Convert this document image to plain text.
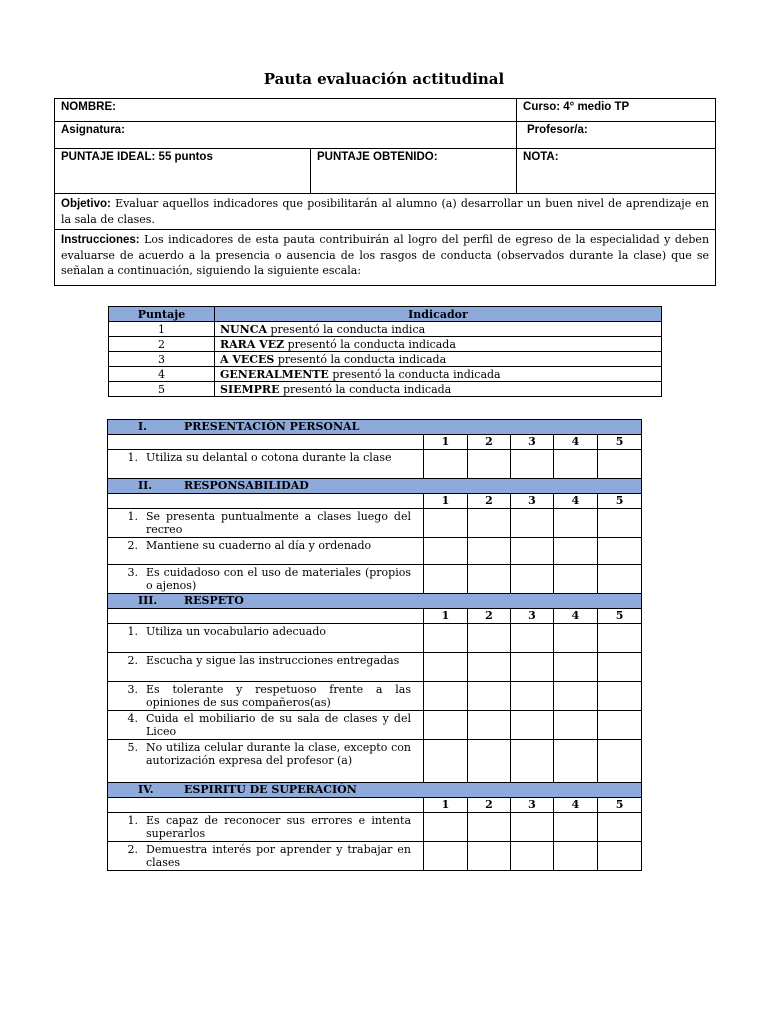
Pauta evaluación actitudinal
NOMBRE:		Curso: 4° medio TP
Asignatura:		Profesor/a:
PUNTAJE IDEAL: 55 puntos	PUNTAJE OBTENIDO:	NOTA:
Objetivo: Evaluar aquellos indicadores que posibilitarán al alumno (a) desarrollar un buen nivel de aprendizaje en la sala de clases.		
Instrucciones: Los indicadores de esta pauta contribuirán al logro del perfil de egreso de la especialidad y deben evaluarse de acuerdo a la presencia o ausencia de los rasgos de conducta (observados durante la clase) que se señalan a continuación, siguiendo la siguiente escala:		
Puntaje	Indicador
1	NUNCA presentó la conducta indica
2	RARA VEZ presentó la conducta indicada
3	A VECES presentó la conducta indicada
4	GENERALMENTE presentó la conducta indicada
5	SIEMPRE presentó la conducta indicada
I. PRESENTACIÓN PERSONAL					
	1	2	3	4	5
1. Utiliza su delantal o cotona durante la clase					
II. RESPONSABILIDAD					
	1	2	3	4	5
1. Se presenta puntualmente a clases luego del recreo					
2. Mantiene su cuaderno al día y ordenado					
3. Es cuidadoso con el uso de materiales (propios o ajenos)					
III. RESPETO					
	1	2	3	4	5
1. Utiliza un vocabulario adecuado					
2. Escucha y sigue las instrucciones entregadas					
3. Es tolerante y respetuoso frente a las opiniones de sus compañeros(as)					
4. Cuida el mobiliario de su sala de clases y del Liceo					
5. No utiliza celular durante la clase, excepto con autorización expresa del profesor (a)					
IV. ESPIRITU DE SUPERACIÓN					
	1	2	3	4	5
1. Es capaz de reconocer sus errores e intenta superarlos					
2. Demuestra interés por aprender y trabajar en clases					
